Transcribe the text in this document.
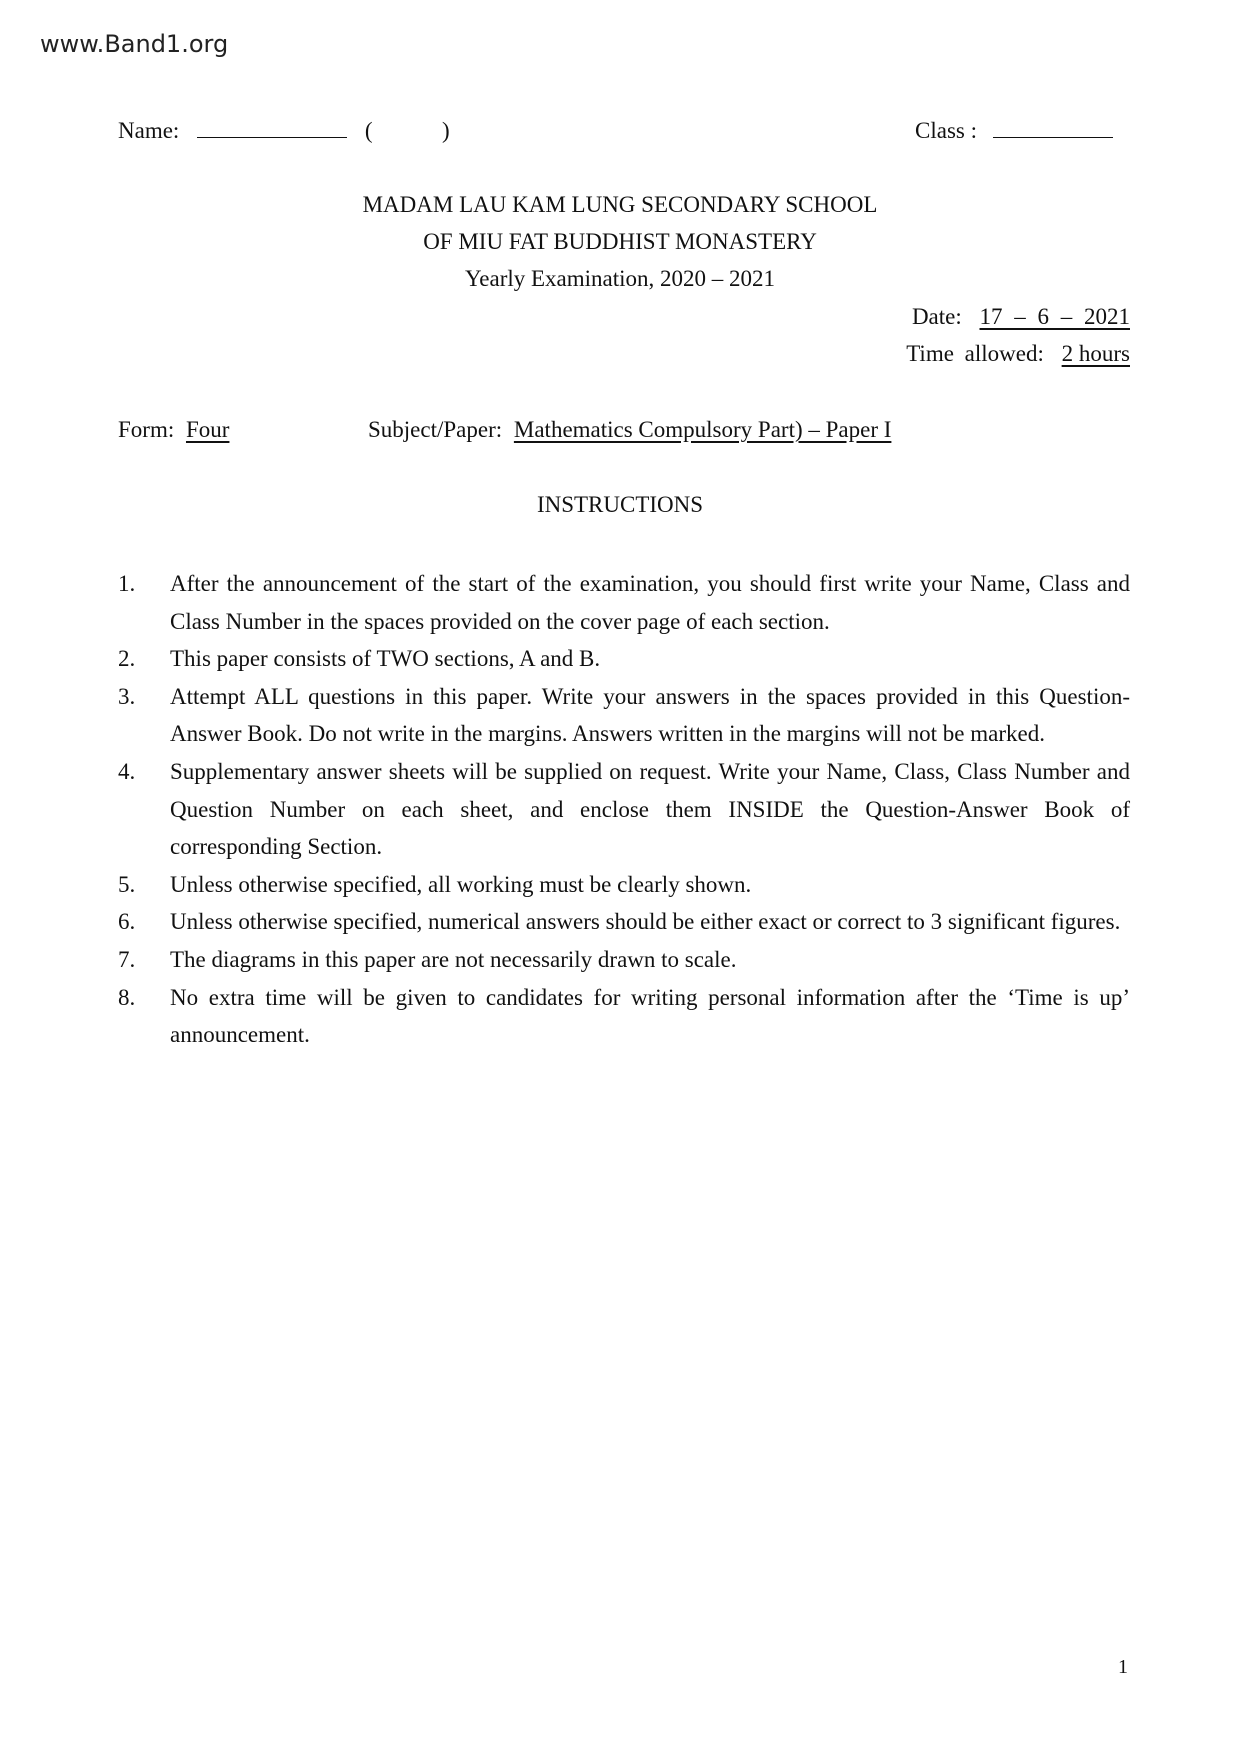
www.Band1.org
Name:	(	)	Class :
MADAM LAU KAM LUNG SECONDARY SCHOOL
OF MIU FAT BUDDHIST MONASTERY
Yearly Examination, 2020 – 2021
Date: 17 – 6 – 2021
Time allowed: 2 hours
Form: Four	Subject/Paper: Mathematics Compulsory Part) – Paper I
INSTRUCTIONS
1.	After the announcement of the start of the examination, you should first write your Name, Class and Class Number in the spaces provided on the cover page of each section.
2.	This paper consists of TWO sections, A and B.
3.	Attempt ALL questions in this paper. Write your answers in the spaces provided in this Question-Answer Book. Do not write in the margins. Answers written in the margins will not be marked.
4.	Supplementary answer sheets will be supplied on request. Write your Name, Class, Class Number and Question Number on each sheet, and enclose them INSIDE the Question-Answer Book of corresponding Section.
5.	Unless otherwise specified, all working must be clearly shown.
6.	Unless otherwise specified, numerical answers should be either exact or correct to 3 significant figures.
7.	The diagrams in this paper are not necessarily drawn to scale.
8.	No extra time will be given to candidates for writing personal information after the ‘Time is up’ announcement.
1
